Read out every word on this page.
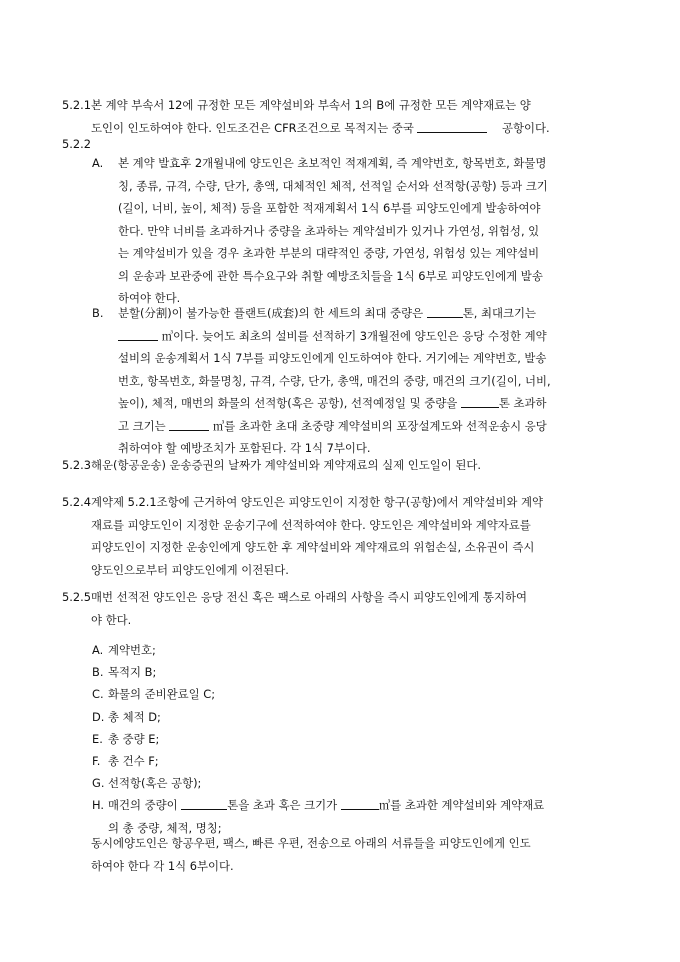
5.2.1 본 계약 부속서 12에 규정한 모든 계약설비와 부속서 1의 B에 규정한 모든 계약재료는 양
도인이 인도하여야 한다. 인도조건은 CFR조건으로 목적지는 중국	공항이다.
5.2.2
A. 본 계약 발효후 2개월내에 양도인은 초보적인 적재계획, 즉 계약번호, 항목번호, 화물명
칭, 종류, 규격, 수량, 단가, 총액, 대체적인 체적, 선적일 순서와 선적항(공항) 등과 크기
(길이, 너비, 높이, 체적) 등을 포함한 적재계획서 1식 6부를 피양도인에게 발송하여야
한다. 만약 너비를 초과하거나 중량을 초과하는 계약설비가 있거나 가연성, 위험성, 있
는 계약설비가 있을 경우 초과한 부분의 대략적인 중량, 가연성, 위험성 있는 계약설비
의 운송과 보관중에 관한 특수요구와 취할 예방조치들을 1식 6부로 피양도인에게 발송
하여야 한다.
B. 분할(分割)이 불가능한 플랜트(成套)의 한 세트의 최대 중량은	톤, 최대크기는
㎥이다. 늦어도 최초의 설비를 선적하기 3개월전에 양도인은 응당 수정한 계약
설비의 운송계획서 1식 7부를 피양도인에게 인도하여야 한다. 거기에는 계약번호, 발송
번호, 항목번호, 화물명칭, 규격, 수량, 단가, 총액, 매건의 중량, 매건의 크기(길이, 너비,
높이), 체적, 매번의 화물의 선적항(혹은 공항), 선적예정일 및 중량을	톤 초과하
고 크기는	㎥를 초과한 초대 초중량 계약설비의 포장설계도와 선적운송시 응당
취하여야 할 예방조치가 포함된다. 각 1식 7부이다.
5.2.3 해운(항공운송) 운송증권의 날짜가 계약설비와 계약재료의 실제 인도일이 된다.
5.2.4 계약제 5.2.1조항에 근거하여 양도인은 피양도인이 지정한 항구(공항)에서 계약설비와 계약
재료를 피양도인이 지정한 운송기구에 선적하여야 한다. 양도인은 계약설비와 계약자료를
피양도인이 지정한 운송인에게 양도한 후 계약설비와 계약재료의 위험손실, 소유권이 즉시
양도인으로부터 피양도인에게 이전된다.
5.2.5 매번 선적전 양도인은 응당 전신 혹은 팩스로 아래의 사항을 즉시 피양도인에게 통지하여
야 한다.
A. 계약번호;
B. 목적지 B;
C. 화물의 준비완료일 C;
D. 총 체적 D;
E. 총 중량 E;
F. 총 건수 F;
G. 선적항(혹은 공항);
H. 매건의 중량이	톤을 초과 혹은 크기가	㎥를 초과한 계약설비와 계약재료
의 총 중량, 체적, 명칭;
동시에양도인은 항공우편, 팩스, 빠른 우편, 전송으로 아래의 서류들을 피양도인에게 인도
하여야 한다 각 1식 6부이다.
